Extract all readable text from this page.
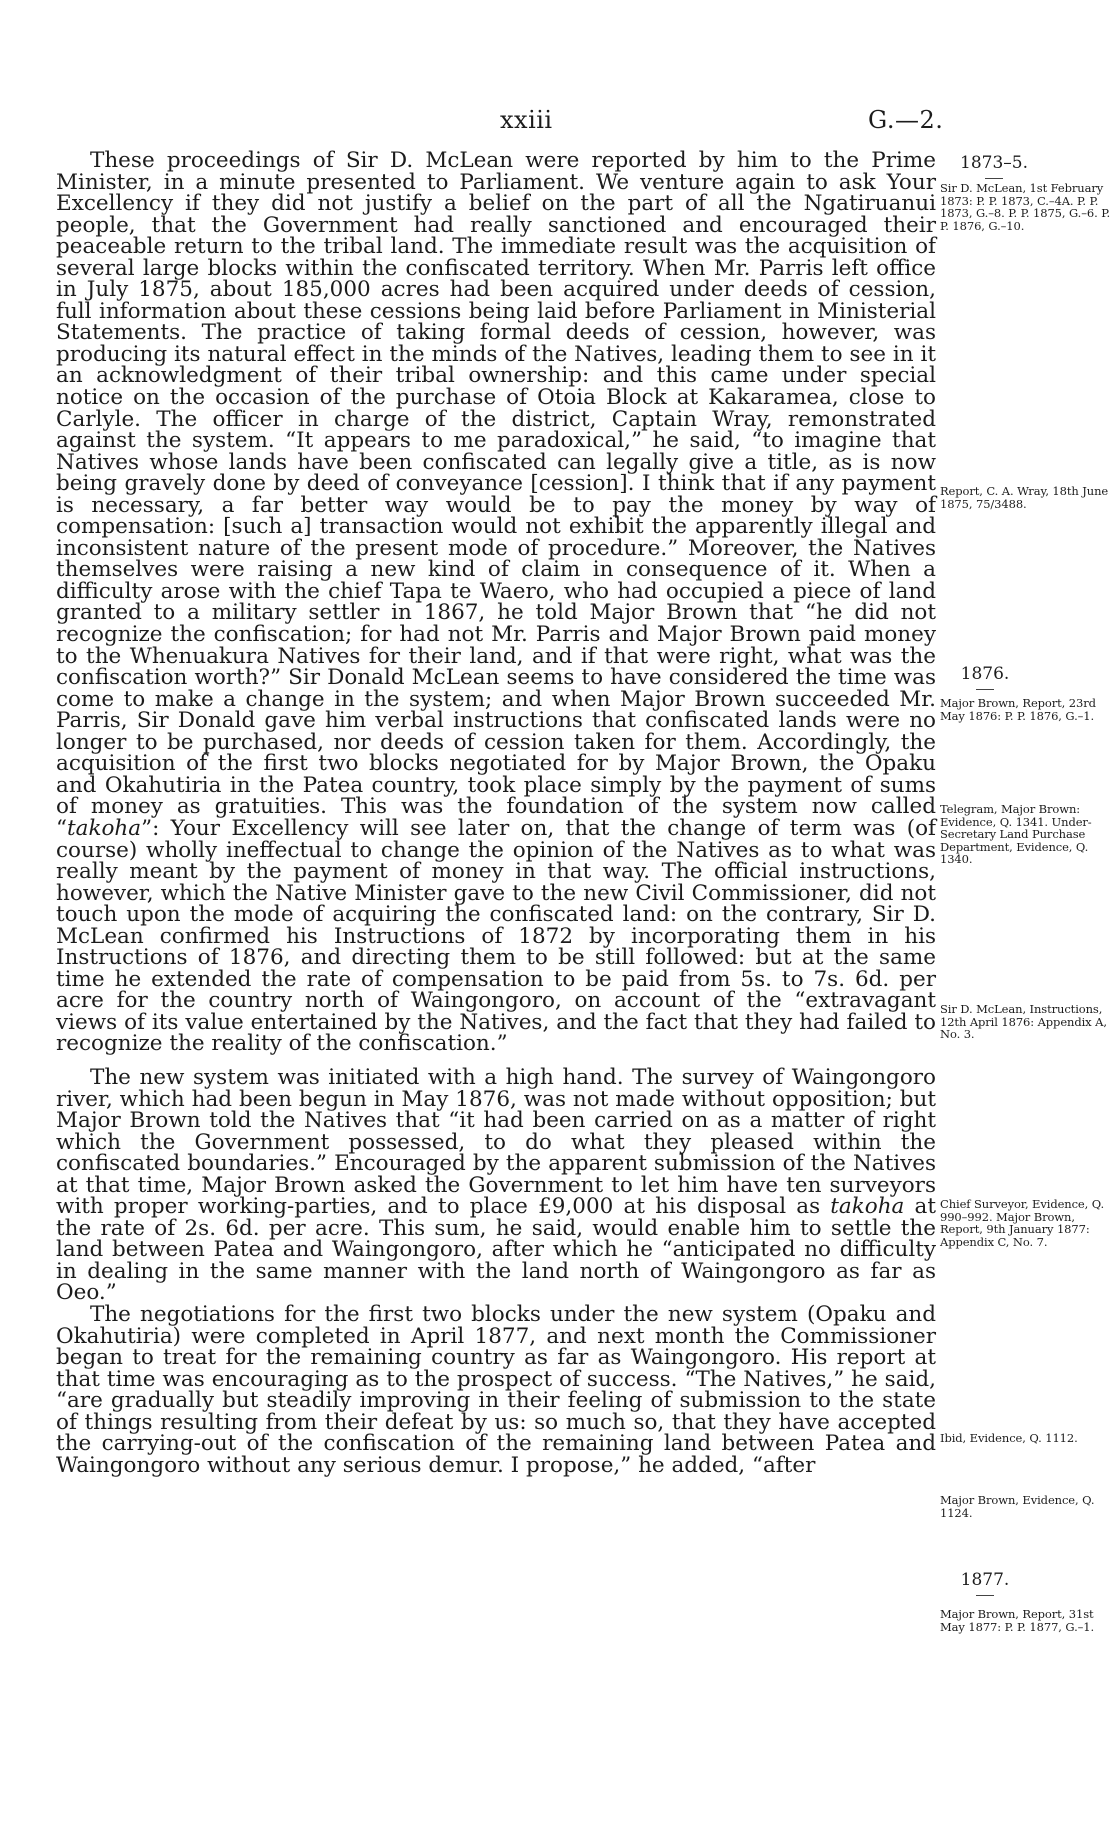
xxiii	G.—2.
1873–5.
Sir D. McLean, 1st February 1873: P. P. 1873, C.–4A. P. P. 1873, G.–8. P. P. 1875, G.–6. P. P. 1876, G.–10.
Report, C. A. Wray, 18th June 1875, 75/3488.
1876.
Major Brown, Report, 23rd May 1876: P. P. 1876, G.–1.
Telegram, Major Brown: Evidence, Q. 1341. Under-Secretary Land Purchase Department, Evidence, Q. 1340.
Sir D. McLean, Instructions, 12th April 1876: Appendix A, No. 3.
Chief Surveyor, Evidence, Q. 990–992. Major Brown, Report, 9th January 1877: Appendix C, No. 7.
Ibid, Evidence, Q. 1112.
Major Brown, Evidence, Q. 1124.
1877.
Major Brown, Report, 31st May 1877: P. P. 1877, G.–1.

These proceedings of Sir D. McLean were reported by him to the Prime Minister, in a minute presented to Parliament. We venture again to ask Your Excellency if they did not justify a belief on the part of all the Ngatiruanui people, that the Government had really sanctioned and encouraged their peaceable return to the tribal land. The immediate result was the acquisition of several large blocks within the confiscated territory. When Mr. Parris left office in July 1875, about 185,000 acres had been acquired under deeds of cession, full information about these cessions being laid before Parliament in Ministerial Statements. The practice of taking formal deeds of cession, however, was producing its natural effect in the minds of the Natives, leading them to see in it an acknowledgment of their tribal ownership: and this came under special notice on the occasion of the purchase of Otoia Block at Kakaramea, close to Carlyle. The officer in charge of the district, Captain Wray, remonstrated against the system. “It appears to me paradoxical,” he said, “to imagine that Natives whose lands have been confiscated can legally give a title, as is now being gravely done by deed of conveyance [cession]. I think that if any payment is necessary, a far better way would be to pay the money by way of compensation: [such a] transaction would not exhibit the apparently illegal and inconsistent nature of the present mode of procedure.” Moreover, the Natives themselves were raising a new kind of claim in consequence of it. When a difficulty arose with the chief Tapa te Waero, who had occupied a piece of land granted to a military settler in 1867, he told Major Brown that “he did not recognize the confiscation; for had not Mr. Parris and Major Brown paid money to the Whenuakura Natives for their land, and if that were right, what was the confiscation worth?” Sir Donald McLean seems to have considered the time was come to make a change in the system; and when Major Brown succeeded Mr. Parris, Sir Donald gave him verbal instructions that confiscated lands were no longer to be purchased, nor deeds of cession taken for them. Accordingly, the acquisition of the first two blocks negotiated for by Major Brown, the Opaku and Okahutiria in the Patea country, took place simply by the payment of sums of money as gratuities. This was the foundation of the system now called “takoha”: Your Excellency will see later on, that the change of term was (of course) wholly ineffectual to change the opinion of the Natives as to what was really meant by the payment of money in that way. The official instructions, however, which the Native Minister gave to the new Civil Commissioner, did not touch upon the mode of acquiring the confiscated land: on the contrary, Sir D. McLean confirmed his Instructions of 1872 by incorporating them in his Instructions of 1876, and directing them to be still followed: but at the same time he extended the rate of compensation to be paid from 5s. to 7s. 6d. per acre for the country north of Waingongoro, on account of the “extravagant views of its value entertained by the Natives, and the fact that they had failed to recognize the reality of the confiscation.”

The new system was initiated with a high hand. The survey of Waingongoro river, which had been begun in May 1876, was not made without opposition; but Major Brown told the Natives that “it had been carried on as a matter of right which the Government possessed, to do what they pleased within the confiscated boundaries.” Encouraged by the apparent submission of the Natives at that time, Major Brown asked the Government to let him have ten surveyors with proper working-parties, and to place £9,000 at his disposal as takoha at the rate of 2s. 6d. per acre. This sum, he said, would enable him to settle the land between Patea and Waingongoro, after which he “anticipated no difficulty in dealing in the same manner with the land north of Waingongoro as far as Oeo.”

The negotiations for the first two blocks under the new system (Opaku and Okahutiria) were completed in April 1877, and next month the Commissioner began to treat for the remaining country as far as Waingongoro. His report at that time was encouraging as to the prospect of success. “The Natives,” he said, “are gradually but steadily improving in their feeling of submission to the state of things resulting from their defeat by us: so much so, that they have accepted the carrying-out of the confiscation of the remaining land between Patea and Waingongoro without any serious demur. I propose,” he added, “after
